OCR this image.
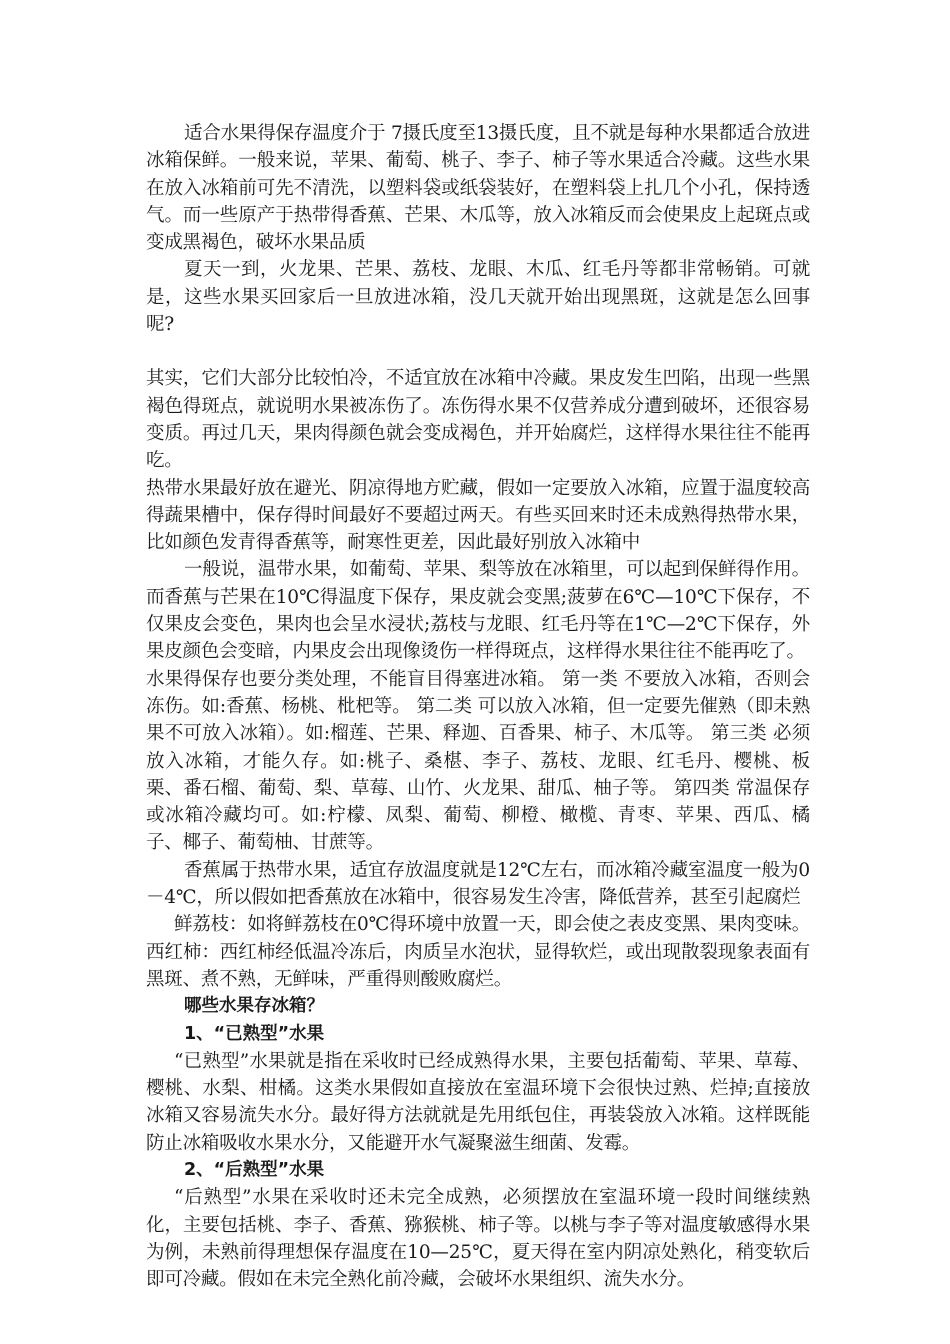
适合水果得保存温度介于 7摄氏度至13摄氏度，且不就是每种水果都适合放进冰箱保鲜。一般来说，苹果、葡萄、桃子、李子、柿子等水果适合冷藏。这些水果在放入冰箱前可先不清洗，以塑料袋或纸袋装好，在塑料袋上扎几个小孔，保持透气。而一些原产于热带得香蕉、芒果、木瓜等，放入冰箱反而会使果皮上起斑点或变成黑褐色，破坏水果品质

夏天一到，火龙果、芒果、荔枝、龙眼、木瓜、红毛丹等都非常畅销。可就是，这些水果买回家后一旦放进冰箱，没几天就开始出现黑斑，这就是怎么回事呢?

其实，它们大部分比较怕冷，不适宜放在冰箱中冷藏。果皮发生凹陷，出现一些黑褐色得斑点，就说明水果被冻伤了。冻伤得水果不仅营养成分遭到破坏，还很容易变质。再过几天，果肉得颜色就会变成褐色，并开始腐烂，这样得水果往往不能再吃。

热带水果最好放在避光、阴凉得地方贮藏，假如一定要放入冰箱，应置于温度较高得蔬果槽中，保存得时间最好不要超过两天。有些买回来时还未成熟得热带水果，比如颜色发青得香蕉等，耐寒性更差，因此最好别放入冰箱中

一般说，温带水果，如葡萄、苹果、梨等放在冰箱里，可以起到保鲜得作用。而香蕉与芒果在10℃得温度下保存，果皮就会变黑;菠萝在6℃—10℃下保存，不仅果皮会变色，果肉也会呈水浸状;荔枝与龙眼、红毛丹等在1℃—2℃下保存，外果皮颜色会变暗，内果皮会出现像烫伤一样得斑点，这样得水果往往不能再吃了。

水果得保存也要分类处理，不能盲目得塞进冰箱。 第一类 不要放入冰箱，否则会冻伤。如:香蕉、杨桃、枇杷等。 第二类 可以放入冰箱，但一定要先催熟（即未熟果不可放入冰箱）。如:榴莲、芒果、释迦、百香果、柿子、木瓜等。 第三类 必须放入冰箱，才能久存。如:桃子、桑椹、李子、荔枝、龙眼、红毛丹、樱桃、板栗、番石榴、葡萄、梨、草莓、山竹、火龙果、甜瓜、柚子等。 第四类 常温保存或冰箱冷藏均可。如:柠檬、凤梨、葡萄、柳橙、橄榄、青枣、苹果、西瓜、橘子、椰子、葡萄柚、甘蔗等。

香蕉属于热带水果，适宜存放温度就是12℃左右，而冰箱冷藏室温度一般为0－4℃，所以假如把香蕉放在冰箱中，很容易发生冷害，降低营养，甚至引起腐烂

鲜荔枝：如将鲜荔枝在0℃得环境中放置一天，即会使之表皮变黑、果肉变味。西红柿：西红柿经低温冷冻后，肉质呈水泡状，显得软烂，或出现散裂现象表面有黑斑、煮不熟，无鲜味，严重得则酸败腐烂。

哪些水果存冰箱？

1、“已熟型”水果

“已熟型”水果就是指在采收时已经成熟得水果，主要包括葡萄、苹果、草莓、樱桃、水梨、柑橘。这类水果假如直接放在室温环境下会很快过熟、烂掉;直接放冰箱又容易流失水分。最好得方法就就是先用纸包住，再装袋放入冰箱。这样既能防止冰箱吸收水果水分，又能避开水气凝聚滋生细菌、发霉。

2、“后熟型”水果

“后熟型”水果在采收时还未完全成熟，必须摆放在室温环境一段时间继续熟化，主要包括桃、李子、香蕉、猕猴桃、柿子等。以桃与李子等对温度敏感得水果为例，未熟前得理想保存温度在10—25℃，夏天得在室内阴凉处熟化，稍变软后即可冷藏。假如在未完全熟化前冷藏，会破坏水果组织、流失水分。
